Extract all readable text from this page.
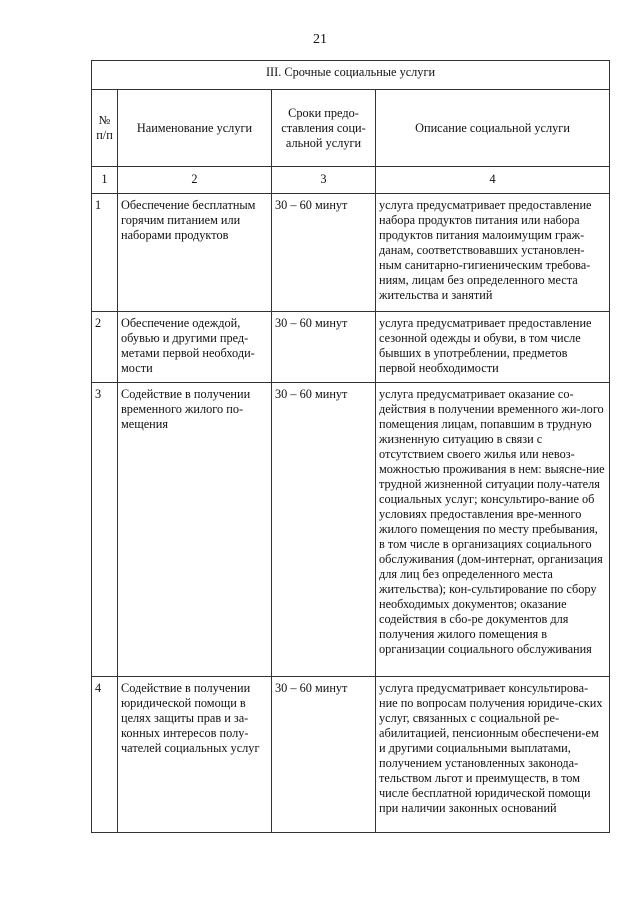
21
III. Срочные социальные услуги			
№ п/п	Наименование услуги	Сроки предо-ставления соци-альной услуги	Описание социальной услуги
1	2	3	4
1	Обеспечение бесплатным горячим питанием или наборами продуктов	30 – 60 минут	услуга предусматривает предоставление набора продуктов питания или набора продуктов питания малоимущим граж-данам, соответствовавших установлен-ным санитарно-гигиеническим требова-ниям, лицам без определенного места жительства и занятий
2	Обеспечение одеждой, обувью и другими пред-метами первой необходи-мости	30 – 60 минут	услуга предусматривает предоставление сезонной одежды и обуви, в том числе бывших в употреблении, предметов первой необходимости
3	Содействие в получении временного жилого по-мещения	30 – 60 минут	услуга предусматривает оказание со-действия в получении временного жи-лого помещения лицам, попавшим в трудную жизненную ситуацию в связи с отсутствием своего жилья или невоз-можностью проживания в нем: выясне-ние трудной жизненной ситуации полу-чателя социальных услуг; консультиро-вание об условиях предоставления вре-менного жилого помещения по месту пребывания, в том числе в организациях социального обслуживания (дом-интернат, организация для лиц без определенного места жительства); кон-сультирование по сбору необходимых документов; оказание содействия в сбо-ре документов для получения жилого помещения в организации социального обслуживания
4	Содействие в получении юридической помощи в целях защиты прав и за-конных интересов полу-чателей социальных услуг	30 – 60 минут	услуга предусматривает консультирова-ние по вопросам получения юридиче-ских услуг, связанных с социальной ре-абилитацией, пенсионным обеспечени-ем и другими социальными выплатами, получением установленных законода-тельством льгот и преимуществ, в том числе бесплатной юридической помощи при наличии законных оснований
